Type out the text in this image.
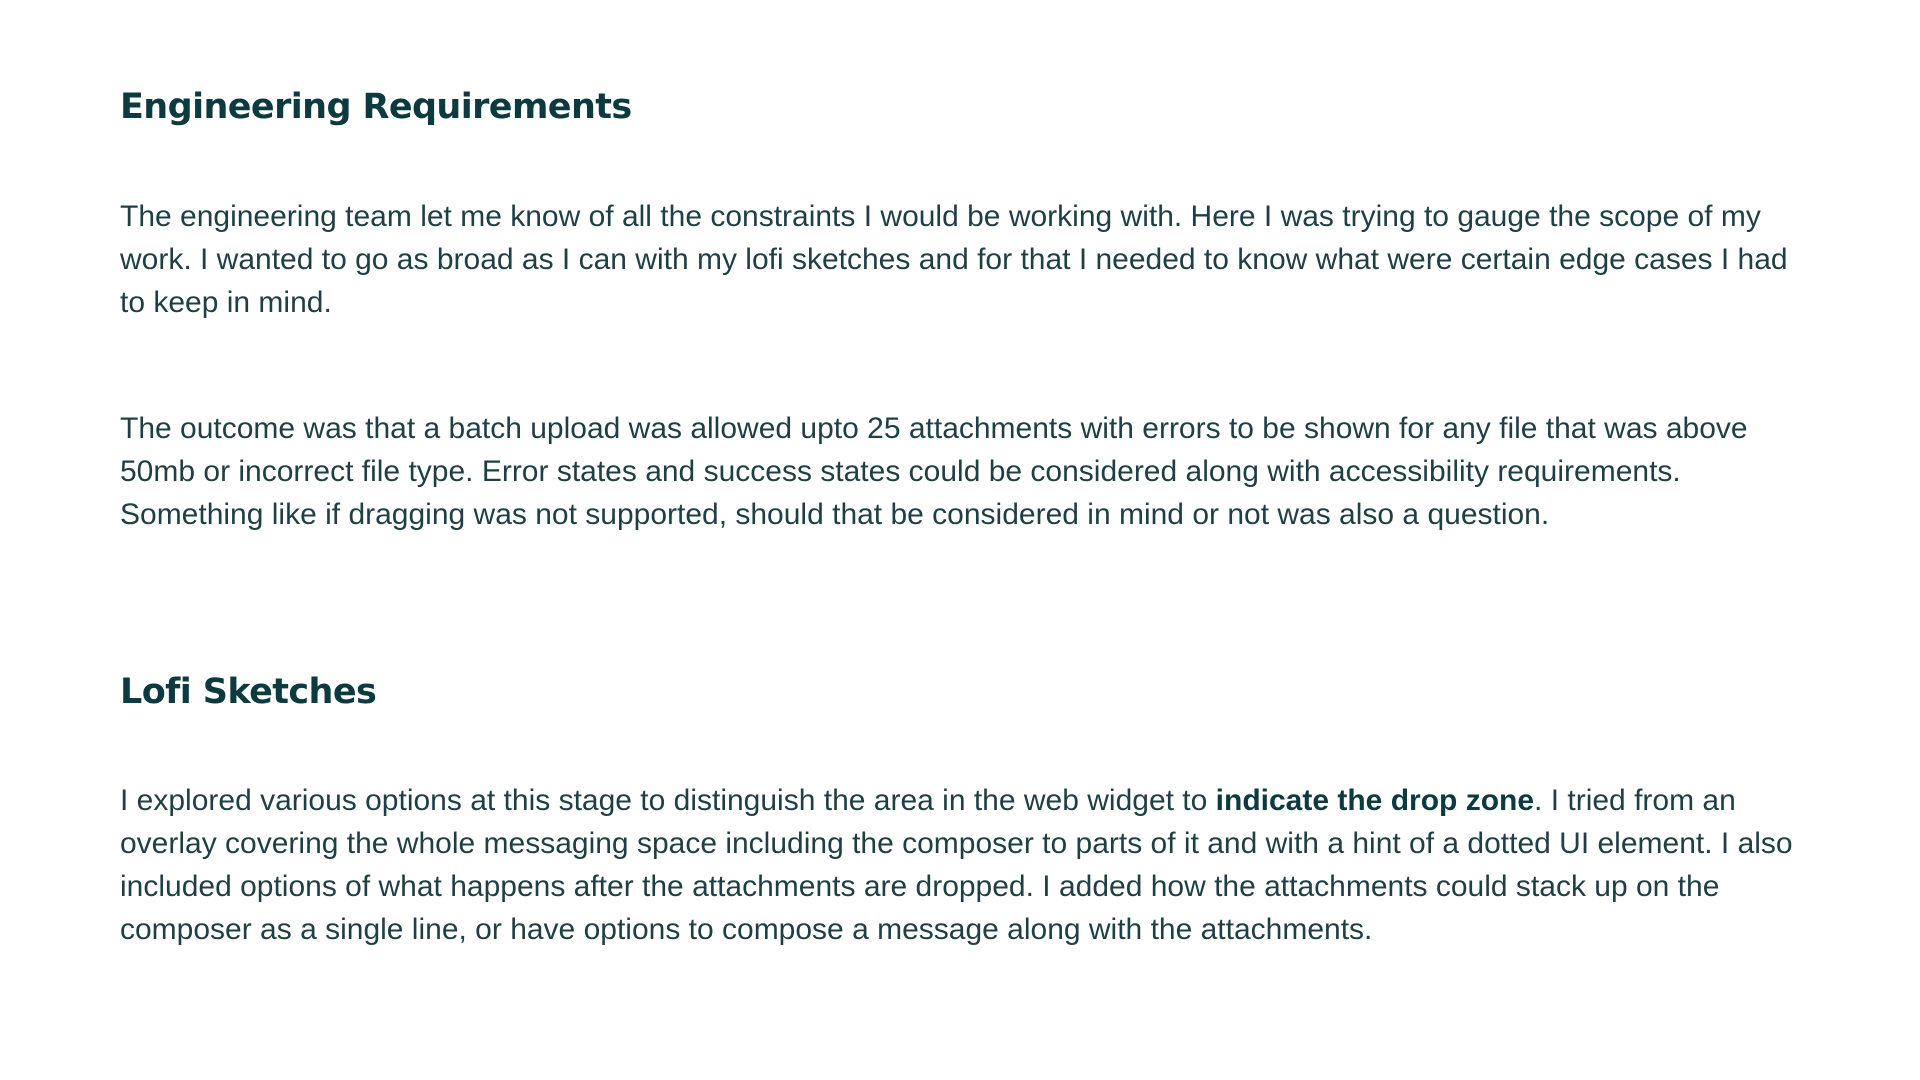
Engineering Requirements

The engineering team let me know of all the constraints I would be working with. Here I was trying to gauge the scope of my work. I wanted to go as broad as I can with my lofi sketches and for that I needed to know what were certain edge cases I had to keep in mind.

The outcome was that a batch upload was allowed upto 25 attachments with errors to be shown for any file that was above 50mb or incorrect file type. Error states and success states could be considered along with accessibility requirements. Something like if dragging was not supported, should that be considered in mind or not was also a question.

Lofi Sketches

I explored various options at this stage to distinguish the area in the web widget to indicate the drop zone. I tried from an overlay covering the whole messaging space including the composer to parts of it and with a hint of a dotted UI element. I also included options of what happens after the attachments are dropped. I added how the attachments could stack up on the composer as a single line, or have options to compose a message along with the attachments.
